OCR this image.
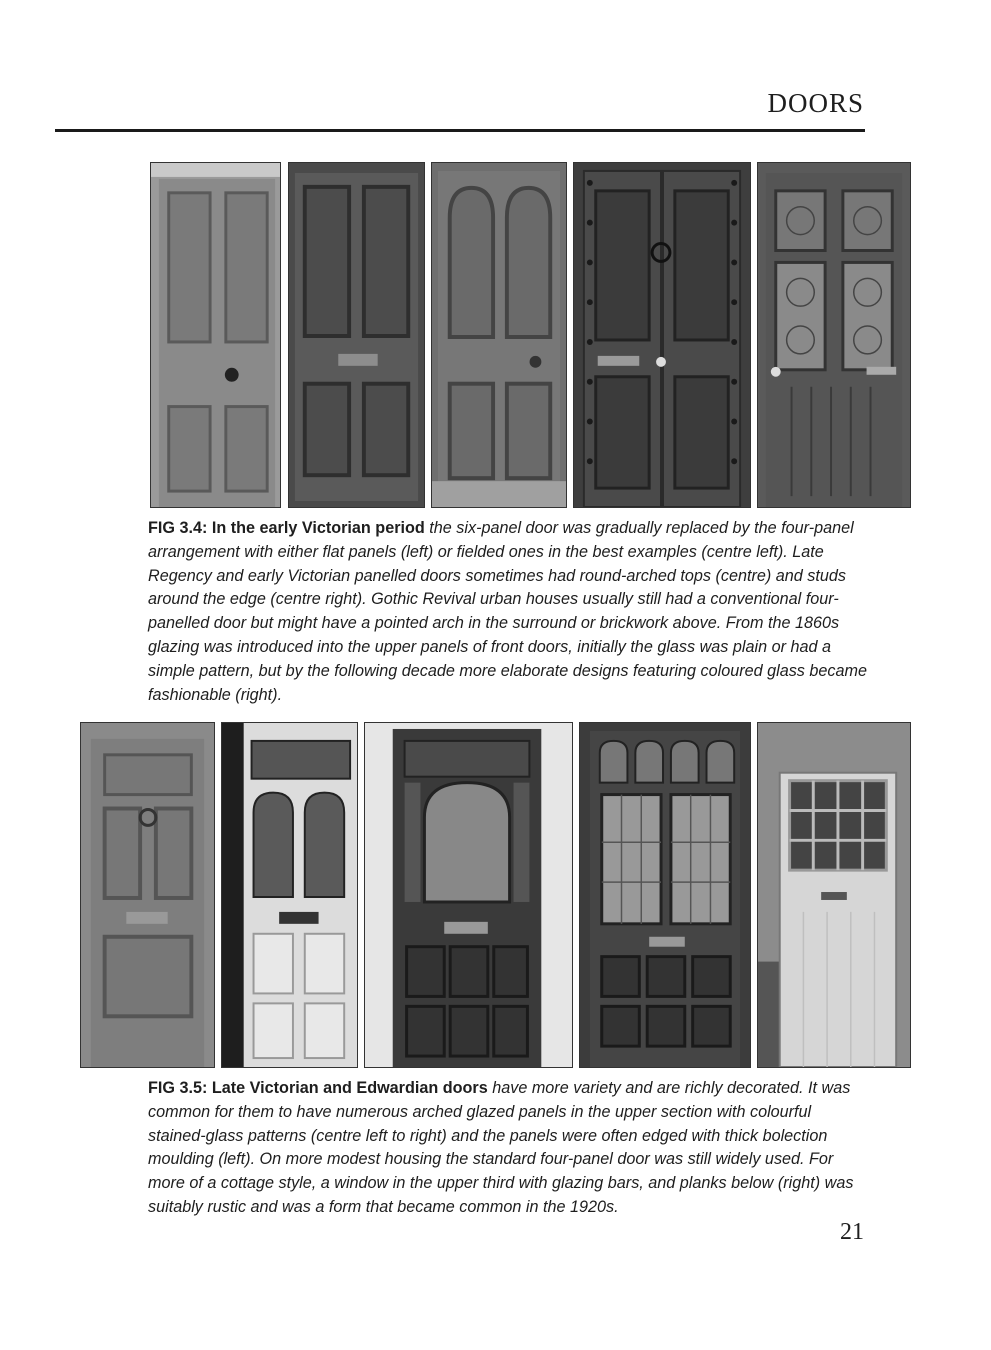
DOORS
FIG 3.4: In the early Victorian period the six-panel door was gradually replaced by the four-panel arrangement with either flat panels (left) or fielded ones in the best examples (centre left). Late Regency and early Victorian panelled doors sometimes had round-arched tops (centre) and studs around the edge (centre right). Gothic Revival urban houses usually still had a conventional four-panelled door but might have a pointed arch in the surround or brickwork above. From the 1860s glazing was introduced into the upper panels of front doors, initially the glass was plain or had a simple pattern, but by the following decade more elaborate designs featuring coloured glass became fashionable (right).
FIG 3.5: Late Victorian and Edwardian doors have more variety and are richly decorated. It was common for them to have numerous arched glazed panels in the upper section with colourful stained-glass patterns (centre left to right) and the panels were often edged with thick bolection moulding (left). On more modest housing the standard four-panel door was still widely used. For more of a cottage style, a window in the upper third with glazing bars, and planks below (right) was suitably rustic and was a form that became common in the 1920s.
21
